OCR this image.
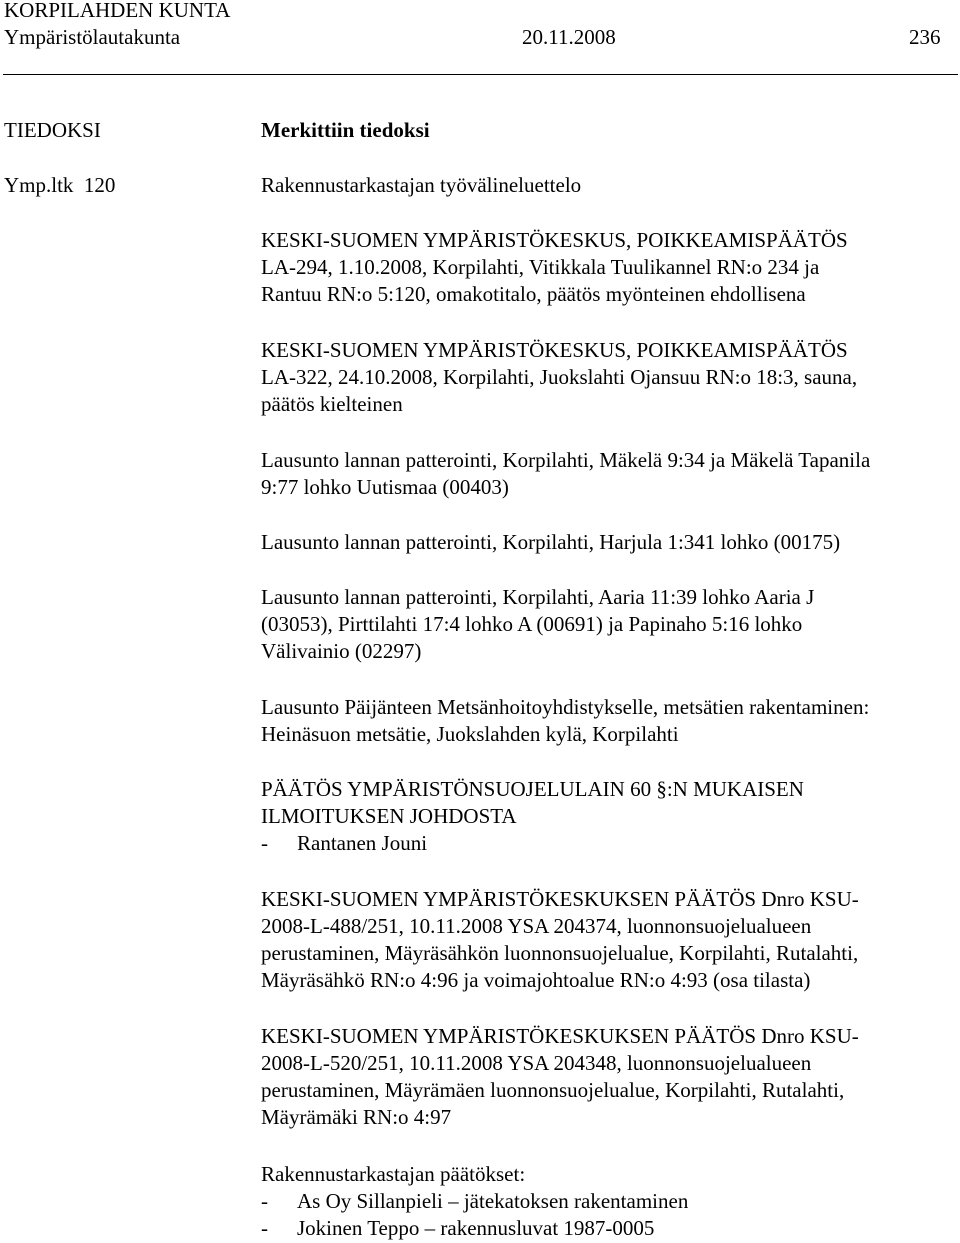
KORPILAHDEN KUNTA
Ympäristölautakunta	20.11.2008	236
TIEDOKSI
Ymp.ltk  120
Merkittiin tiedoksi
Rakennustarkastajan työvälineluettelo
KESKI-SUOMEN YMPÄRISTÖKESKUS, POIKKEAMISPÄÄTÖS
LA-294, 1.10.2008, Korpilahti, Vitikkala Tuulikannel RN:o 234 ja
Rantuu RN:o 5:120, omakotitalo, päätös myönteinen ehdollisena
KESKI-SUOMEN YMPÄRISTÖKESKUS, POIKKEAMISPÄÄTÖS
LA-322, 24.10.2008, Korpilahti, Juokslahti Ojansuu RN:o 18:3, sauna,
päätös kielteinen
Lausunto lannan patterointi, Korpilahti, Mäkelä 9:34 ja Mäkelä Tapanila
9:77 lohko Uutismaa (00403)
Lausunto lannan patterointi, Korpilahti, Harjula 1:341 lohko (00175)
Lausunto lannan patterointi, Korpilahti, Aaria 11:39 lohko Aaria J
(03053), Pirttilahti 17:4 lohko A (00691) ja Papinaho 5:16 lohko
Välivainio (02297)
Lausunto Päijänteen Metsänhoitoyhdistykselle, metsätien rakentaminen:
Heinäsuon metsätie, Juokslahden kylä, Korpilahti
PÄÄTÖS YMPÄRISTÖNSUOJELULAIN 60 §:N MUKAISEN
ILMOITUKSEN JOHDOSTA
- Rantanen Jouni
KESKI-SUOMEN YMPÄRISTÖKESKUKSEN PÄÄTÖS Dnro KSU-
2008-L-488/251, 10.11.2008 YSA 204374, luonnonsuojelualueen
perustaminen, Mäyräsähkön luonnonsuojelualue, Korpilahti, Rutalahti,
Mäyräsähkö RN:o 4:96 ja voimajohtoalue RN:o 4:93 (osa tilasta)
KESKI-SUOMEN YMPÄRISTÖKESKUKSEN PÄÄTÖS Dnro KSU-
2008-L-520/251, 10.11.2008 YSA 204348, luonnonsuojelualueen
perustaminen, Mäyrämäen luonnonsuojelualue, Korpilahti, Rutalahti,
Mäyrämäki RN:o 4:97
Rakennustarkastajan päätökset:
- As Oy Sillanpieli – jätekatoksen rakentaminen
- Jokinen Teppo – rakennusluvat 1987-0005
